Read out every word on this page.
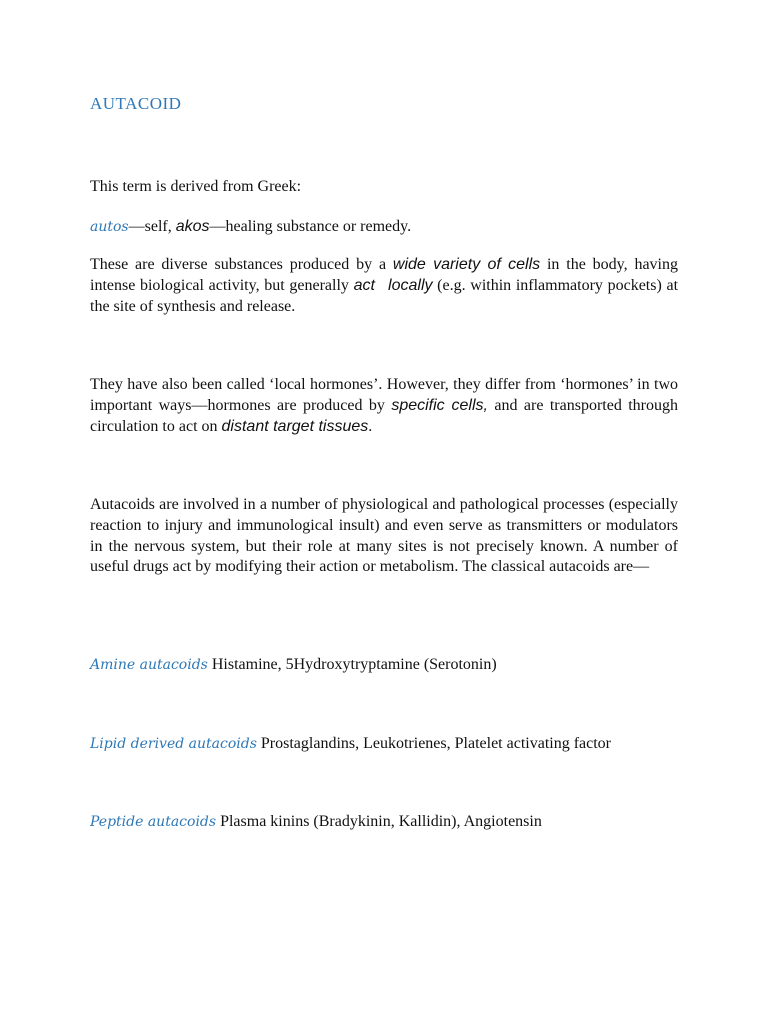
AUTACOID

This term is derived from Greek:

autos—self, akos—healing substance or remedy.

These are diverse substances produced by a wide variety of cells in the body, having intense biological activity, but generally act locally (e.g. within inflammatory pockets) at the site of synthesis and release.

They have also been called ‘local hormones’. However, they differ from ‘hormones’ in two important ways—hormones are produced by specific cells, and are transported through circulation to act on distant target tissues.

Autacoids are involved in a number of physiological and pathological processes (especially reaction to injury and immunological insult) and even serve as transmitters or modulators in the nervous system, but their role at many sites is not precisely known. A number of useful drugs act by modifying their action or metabolism. The classical autacoids are—

Amine autacoids Histamine, 5Hydroxytryptamine (Serotonin)

Lipid derived autacoids Prostaglandins, Leukotrienes, Platelet activating factor

Peptide autacoids Plasma kinins (Bradykinin, Kallidin), Angiotensin
